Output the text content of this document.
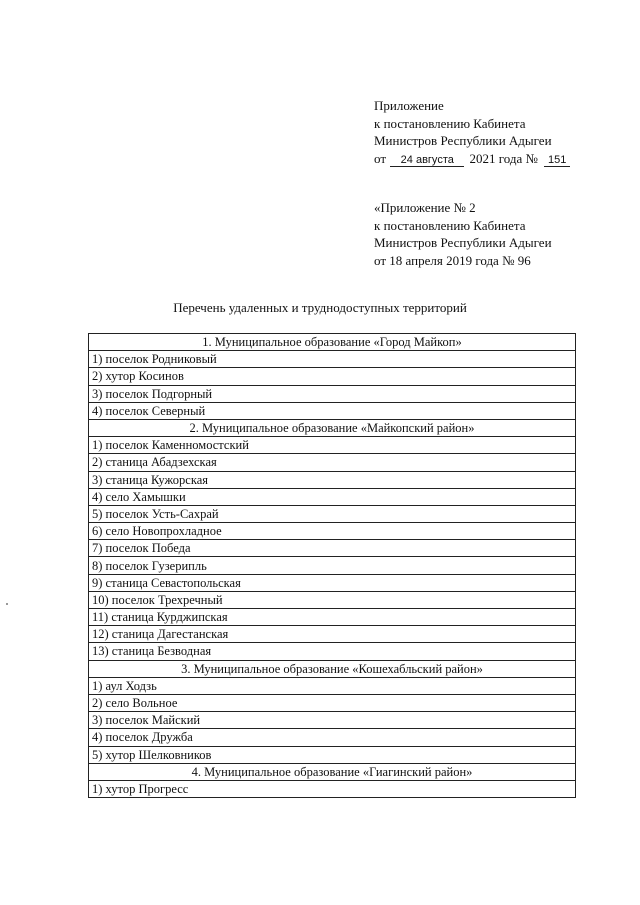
Приложение
к постановлению Кабинета
Министров Республики Адыгеи
от 24 августа 2021 года № 151
«Приложение № 2
к постановлению Кабинета
Министров Республики Адыгеи
от 18 апреля 2019 года № 96
Перечень удаленных и труднодоступных территорий
1. Муниципальное образование «Город Майкоп»
1) поселок Родниковый
2) хутор Косинов
3) поселок Подгорный
4) поселок Северный
2. Муниципальное образование «Майкопский район»
1) поселок Каменномостский
2) станица Абадзехская
3) станица Кужорская
4) село Хамышки
5) поселок Усть-Сахрай
6) село Новопрохладное
7) поселок Победа
8) поселок Гузерипль
9) станица Севастопольская
10) поселок Трехречный
11) станица Курджипская
12) станица Дагестанская
13) станица Безводная
3. Муниципальное образование «Кошехабльский район»
1) аул Ходзь
2) село Вольное
3) поселок Майский
4) поселок Дружба
5) хутор Шелковников
4. Муниципальное образование «Гиагинский район»
1) хутор Прогресс
